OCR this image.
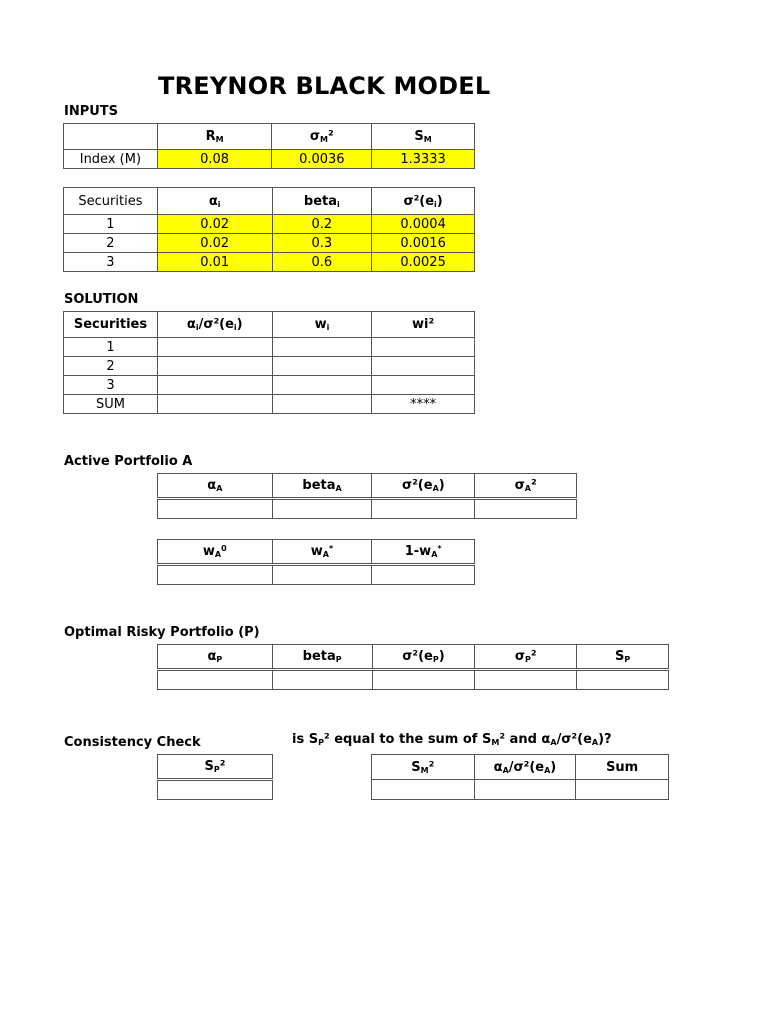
TREYNOR BLACK MODEL
INPUTS
	$R_M$	$\sigma_M^2$	$S_M$
Index (M)	0.08	0.0036	1.3333
Securities	$\alpha_i$	beta$_i$	$\sigma^2(e_i)$
1	0.02	0.2	0.0004
2	0.02	0.3	0.0016
3	0.01	0.6	0.0025
SOLUTION
Securities	$\alpha_i/\sigma^2(e_i)$	$w_i$	wi²
1			
2			
3			
SUM			****
Active Portfolio A
$\alpha_A$	beta$_A$	$\sigma^2(e_A)$	$\sigma_A^2$

$w_A^0$	$w_A^*$	$1-w_A^*$

Optimal Risky Portfolio (P)
$\alpha_P$	beta$_P$	$\sigma^2(e_P)$	$\sigma_P^2$	$S_P$

Consistency Check	is $S_P^2$ equal to the sum of $S_M^2$ and $\alpha_A/\sigma^2(e_A)$?
$S_P^2$	$S_M^2$	$\alpha_A/\sigma^2(e_A)$	Sum
